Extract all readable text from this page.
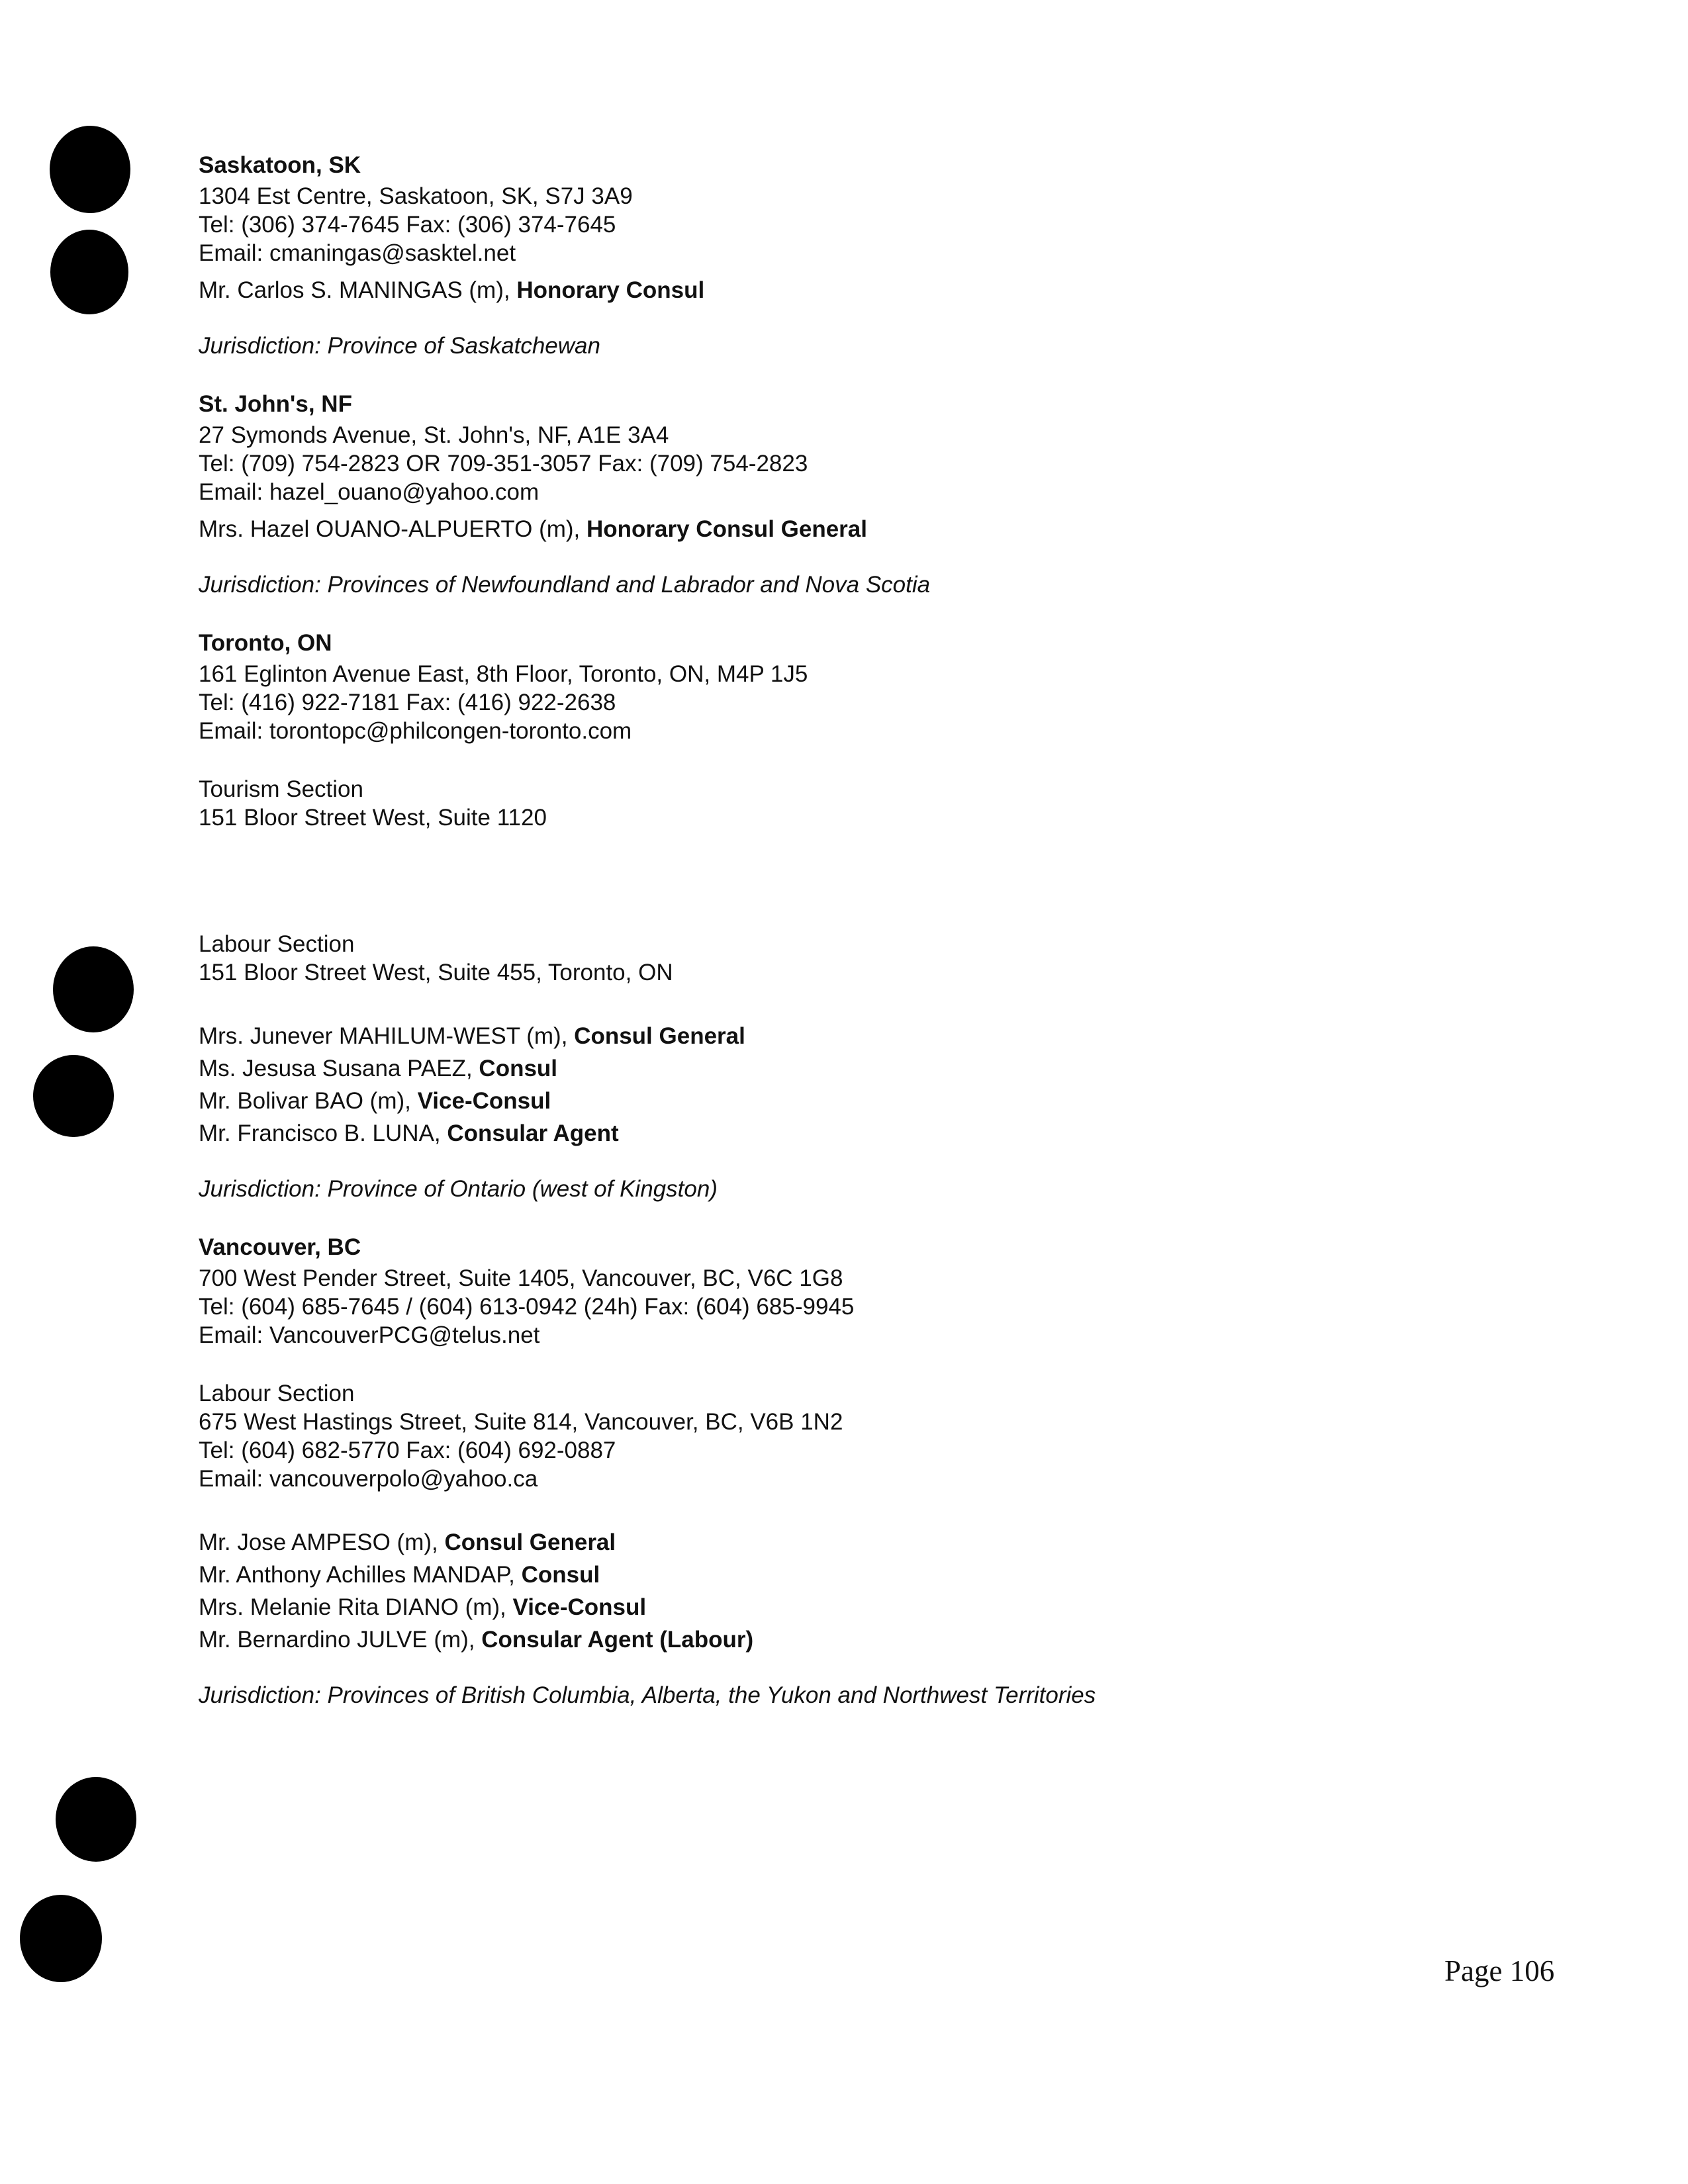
Saskatoon, SK
1304 Est Centre, Saskatoon, SK, S7J 3A9
Tel: (306) 374-7645 Fax: (306) 374-7645
Email: cmaningas@sasktel.net
Mr. Carlos S. MANINGAS (m), Honorary Consul
Jurisdiction: Province of Saskatchewan
St. John's, NF
27 Symonds Avenue, St. John's, NF, A1E 3A4
Tel: (709) 754-2823 OR 709-351-3057 Fax: (709) 754-2823
Email: hazel_ouano@yahoo.com
Mrs. Hazel OUANO-ALPUERTO (m), Honorary Consul General
Jurisdiction: Provinces of Newfoundland and Labrador and Nova Scotia
Toronto, ON
161 Eglinton Avenue East, 8th Floor, Toronto, ON, M4P 1J5
Tel: (416) 922-7181 Fax: (416) 922-2638
Email: torontopc@philcongen-toronto.com
Tourism Section
151 Bloor Street West, Suite 1120
Labour Section
151 Bloor Street West, Suite 455, Toronto, ON
Mrs. Junever MAHILUM-WEST (m), Consul General
Ms. Jesusa Susana PAEZ, Consul
Mr. Bolivar BAO (m), Vice-Consul
Mr. Francisco B. LUNA, Consular Agent
Jurisdiction: Province of Ontario (west of Kingston)
Vancouver, BC
700 West Pender Street, Suite 1405, Vancouver, BC, V6C 1G8
Tel: (604) 685-7645 / (604) 613-0942 (24h) Fax: (604) 685-9945
Email: VancouverPCG@telus.net
Labour Section
675 West Hastings Street, Suite 814, Vancouver, BC, V6B 1N2
Tel: (604) 682-5770 Fax: (604) 692-0887
Email: vancouverpolo@yahoo.ca
Mr. Jose AMPESO (m), Consul General
Mr. Anthony Achilles MANDAP, Consul
Mrs. Melanie Rita DIANO (m), Vice-Consul
Mr. Bernardino JULVE (m), Consular Agent (Labour)
Jurisdiction: Provinces of British Columbia, Alberta, the Yukon and Northwest Territories
Page 106
